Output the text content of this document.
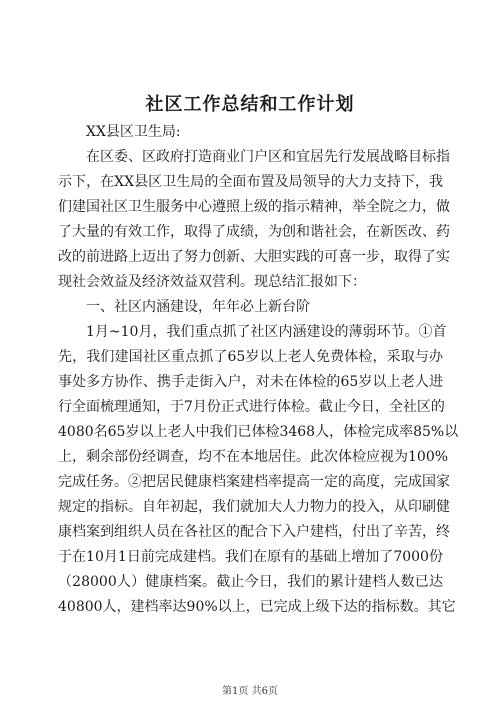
社区工作总结和工作计划
XX县区卫生局:
在区委、区政府打造商业门户区和宜居先行发展战略目标指
示下，在XX县区卫生局的全面布置及局领导的大力支持下，我
们建国社区卫生服务中心遵照上级的指示精神，举全院之力，做
了大量的有效工作，取得了成绩，为创和谐社会，在新医改、药
改的前进路上迈出了努力创新、大胆实践的可喜一步，取得了实
现社会效益及经济效益双营利。现总结汇报如下：
一、社区内涵建设，年年必上新台阶
1月~10月，我们重点抓了社区内涵建设的薄弱环节。①首
先，我们建国社区重点抓了65岁以上老人免费体检，采取与办
事处多方协作、携手走街入户，对未在体检的65岁以上老人进
行全面梳理通知，于7月份正式进行体检。截止今日，全社区的
4080名65岁以上老人中我们已体检3468人，体检完成率85%以
上，剩余部份经调查，均不在本地居住。此次体检应视为100%
完成任务。②把居民健康档案建档率提高一定的高度，完成国家
规定的指标。自年初起，我们就加大人力物力的投入，从印刷健
康档案到组织人员在各社区的配合下入户建档，付出了辛苦，终
于在10月1日前完成建档。我们在原有的基础上增加了7000份
（28000人）健康档案。截止今日，我们的累计建档人数已达
40800人，建档率达90%以上，已完成上级下达的指标数。其它
第1页 共6页
